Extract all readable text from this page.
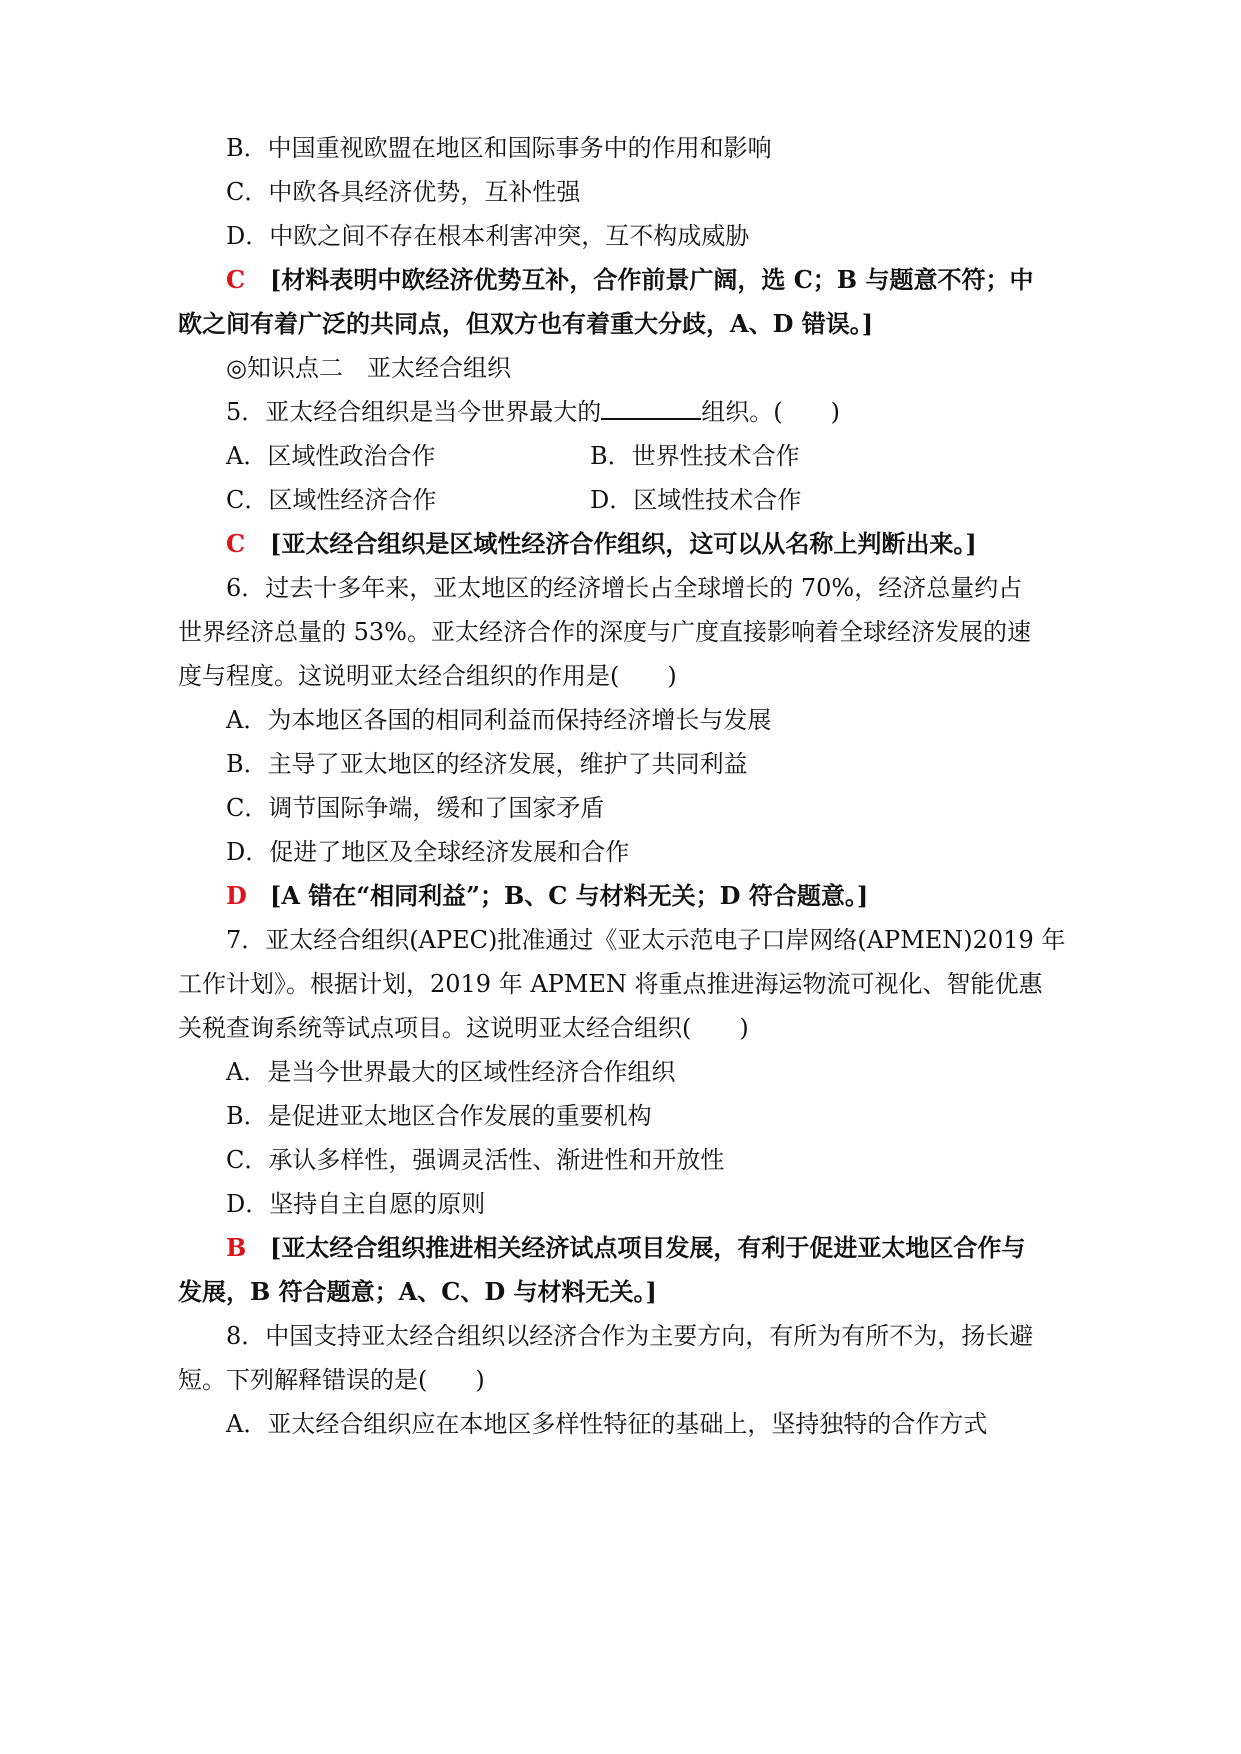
B．中国重视欧盟在地区和国际事务中的作用和影响
C．中欧各具经济优势，互补性强
D．中欧之间不存在根本利害冲突，互不构成威胁
C [材料表明中欧经济优势互补，合作前景广阔，选 C；B 与题意不符；中
欧之间有着广泛的共同点，但双方也有着重大分歧，A、D 错误。]
◎知识点二　亚太经合组织
5．亚太经合组织是当今世界最大的	组织。(　　)
A．区域性政治合作	B．世界性技术合作
C．区域性经济合作	D．区域性技术合作
C [亚太经合组织是区域性经济合作组织，这可以从名称上判断出来。]
6．过去十多年来，亚太地区的经济增长占全球增长的 70%，经济总量约占
世界经济总量的 53%。亚太经济合作的深度与广度直接影响着全球经济发展的速
度与程度。这说明亚太经合组织的作用是(　　)
A．为本地区各国的相同利益而保持经济增长与发展
B．主导了亚太地区的经济发展，维护了共同利益
C．调节国际争端，缓和了国家矛盾
D．促进了地区及全球经济发展和合作
D [A 错在“相同利益”；B、C 与材料无关；D 符合题意。]
7．亚太经合组织(APEC)批准通过《亚太示范电子口岸网络(APMEN)2019 年
工作计划》。根据计划，2019 年 APMEN 将重点推进海运物流可视化、智能优惠
关税查询系统等试点项目。这说明亚太经合组织(　　)
A．是当今世界最大的区域性经济合作组织
B．是促进亚太地区合作发展的重要机构
C．承认多样性，强调灵活性、渐进性和开放性
D．坚持自主自愿的原则
B [亚太经合组织推进相关经济试点项目发展，有利于促进亚太地区合作与
发展，B 符合题意；A、C、D 与材料无关。]
8．中国支持亚太经合组织以经济合作为主要方向，有所为有所不为，扬长避
短。下列解释错误的是(　　)
A．亚太经合组织应在本地区多样性特征的基础上，坚持独特的合作方式
